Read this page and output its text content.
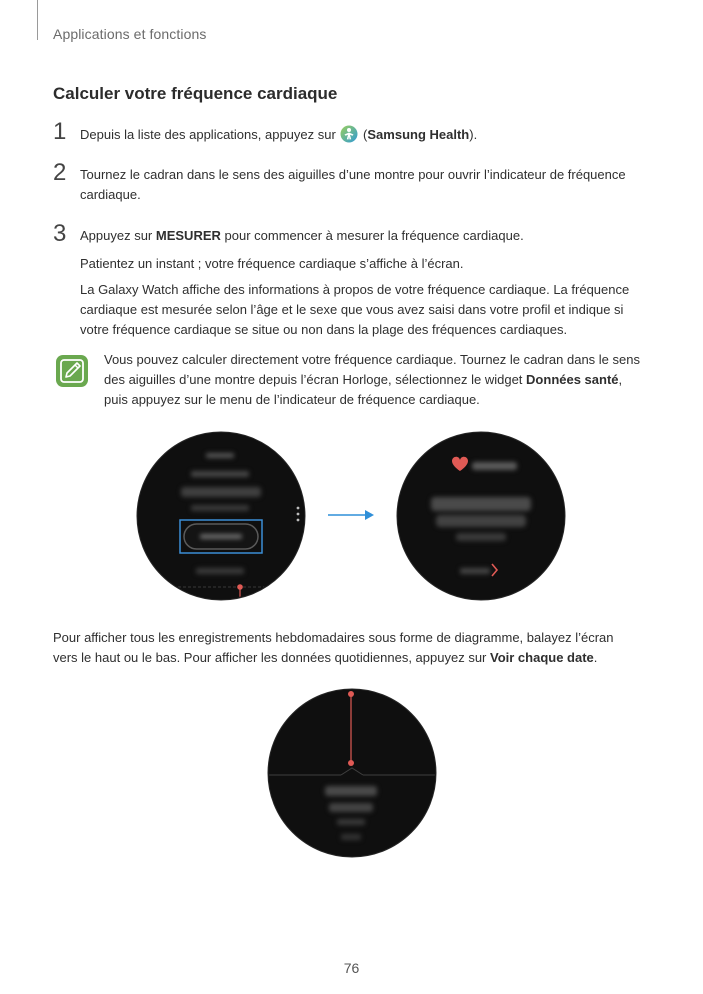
Applications et fonctions
Calculer votre fréquence cardiaque
1 Depuis la liste des applications, appuyez sur  (Samsung Health).
2 Tournez le cadran dans le sens des aiguilles d’une montre pour ouvrir l’indicateur de fréquence
cardiaque.
3 Appuyez sur MESURER pour commencer à mesurer la fréquence cardiaque.
Patientez un instant ; votre fréquence cardiaque s’affiche à l’écran.
La Galaxy Watch affiche des informations à propos de votre fréquence cardiaque. La fréquence
cardiaque est mesurée selon l’âge et le sexe que vous avez saisi dans votre profil et indique si
votre fréquence cardiaque se situe ou non dans la plage des fréquences cardiaques.
Vous pouvez calculer directement votre fréquence cardiaque. Tournez le cadran dans le sens
des aiguilles d’une montre depuis l’écran Horloge, sélectionnez le widget Données santé,
puis appuyez sur le menu de l’indicateur de fréquence cardiaque.
Pour afficher tous les enregistrements hebdomadaires sous forme de diagramme, balayez l’écran
vers le haut ou le bas. Pour afficher les données quotidiennes, appuyez sur Voir chaque date.
76
